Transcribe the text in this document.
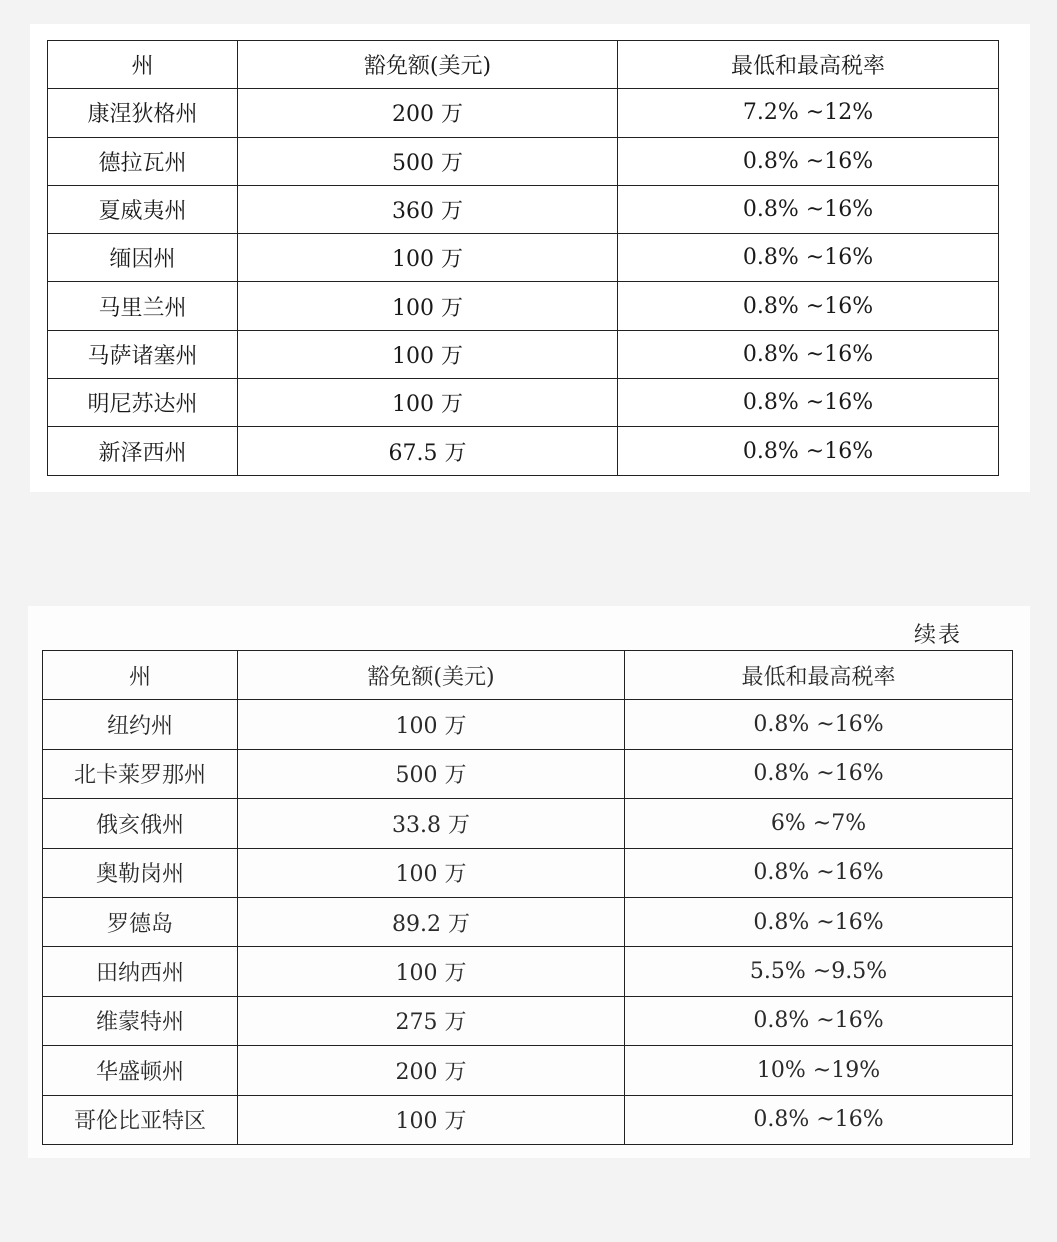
州	豁免额(美元)	最低和最高税率
康涅狄格州	200 万	7.2% ~12%
德拉瓦州	500 万	0.8% ~16%
夏威夷州	360 万	0.8% ~16%
缅因州	100 万	0.8% ~16%
马里兰州	100 万	0.8% ~16%
马萨诸塞州	100 万	0.8% ~16%
明尼苏达州	100 万	0.8% ~16%
新泽西州	67.5 万	0.8% ~16%
续表
州	豁免额(美元)	最低和最高税率
纽约州	100 万	0.8% ~16%
北卡莱罗那州	500 万	0.8% ~16%
俄亥俄州	33.8 万	6% ~7%
奥勒岗州	100 万	0.8% ~16%
罗德岛	89.2 万	0.8% ~16%
田纳西州	100 万	5.5% ~9.5%
维蒙特州	275 万	0.8% ~16%
华盛顿州	200 万	10% ~19%
哥伦比亚特区	100 万	0.8% ~16%
